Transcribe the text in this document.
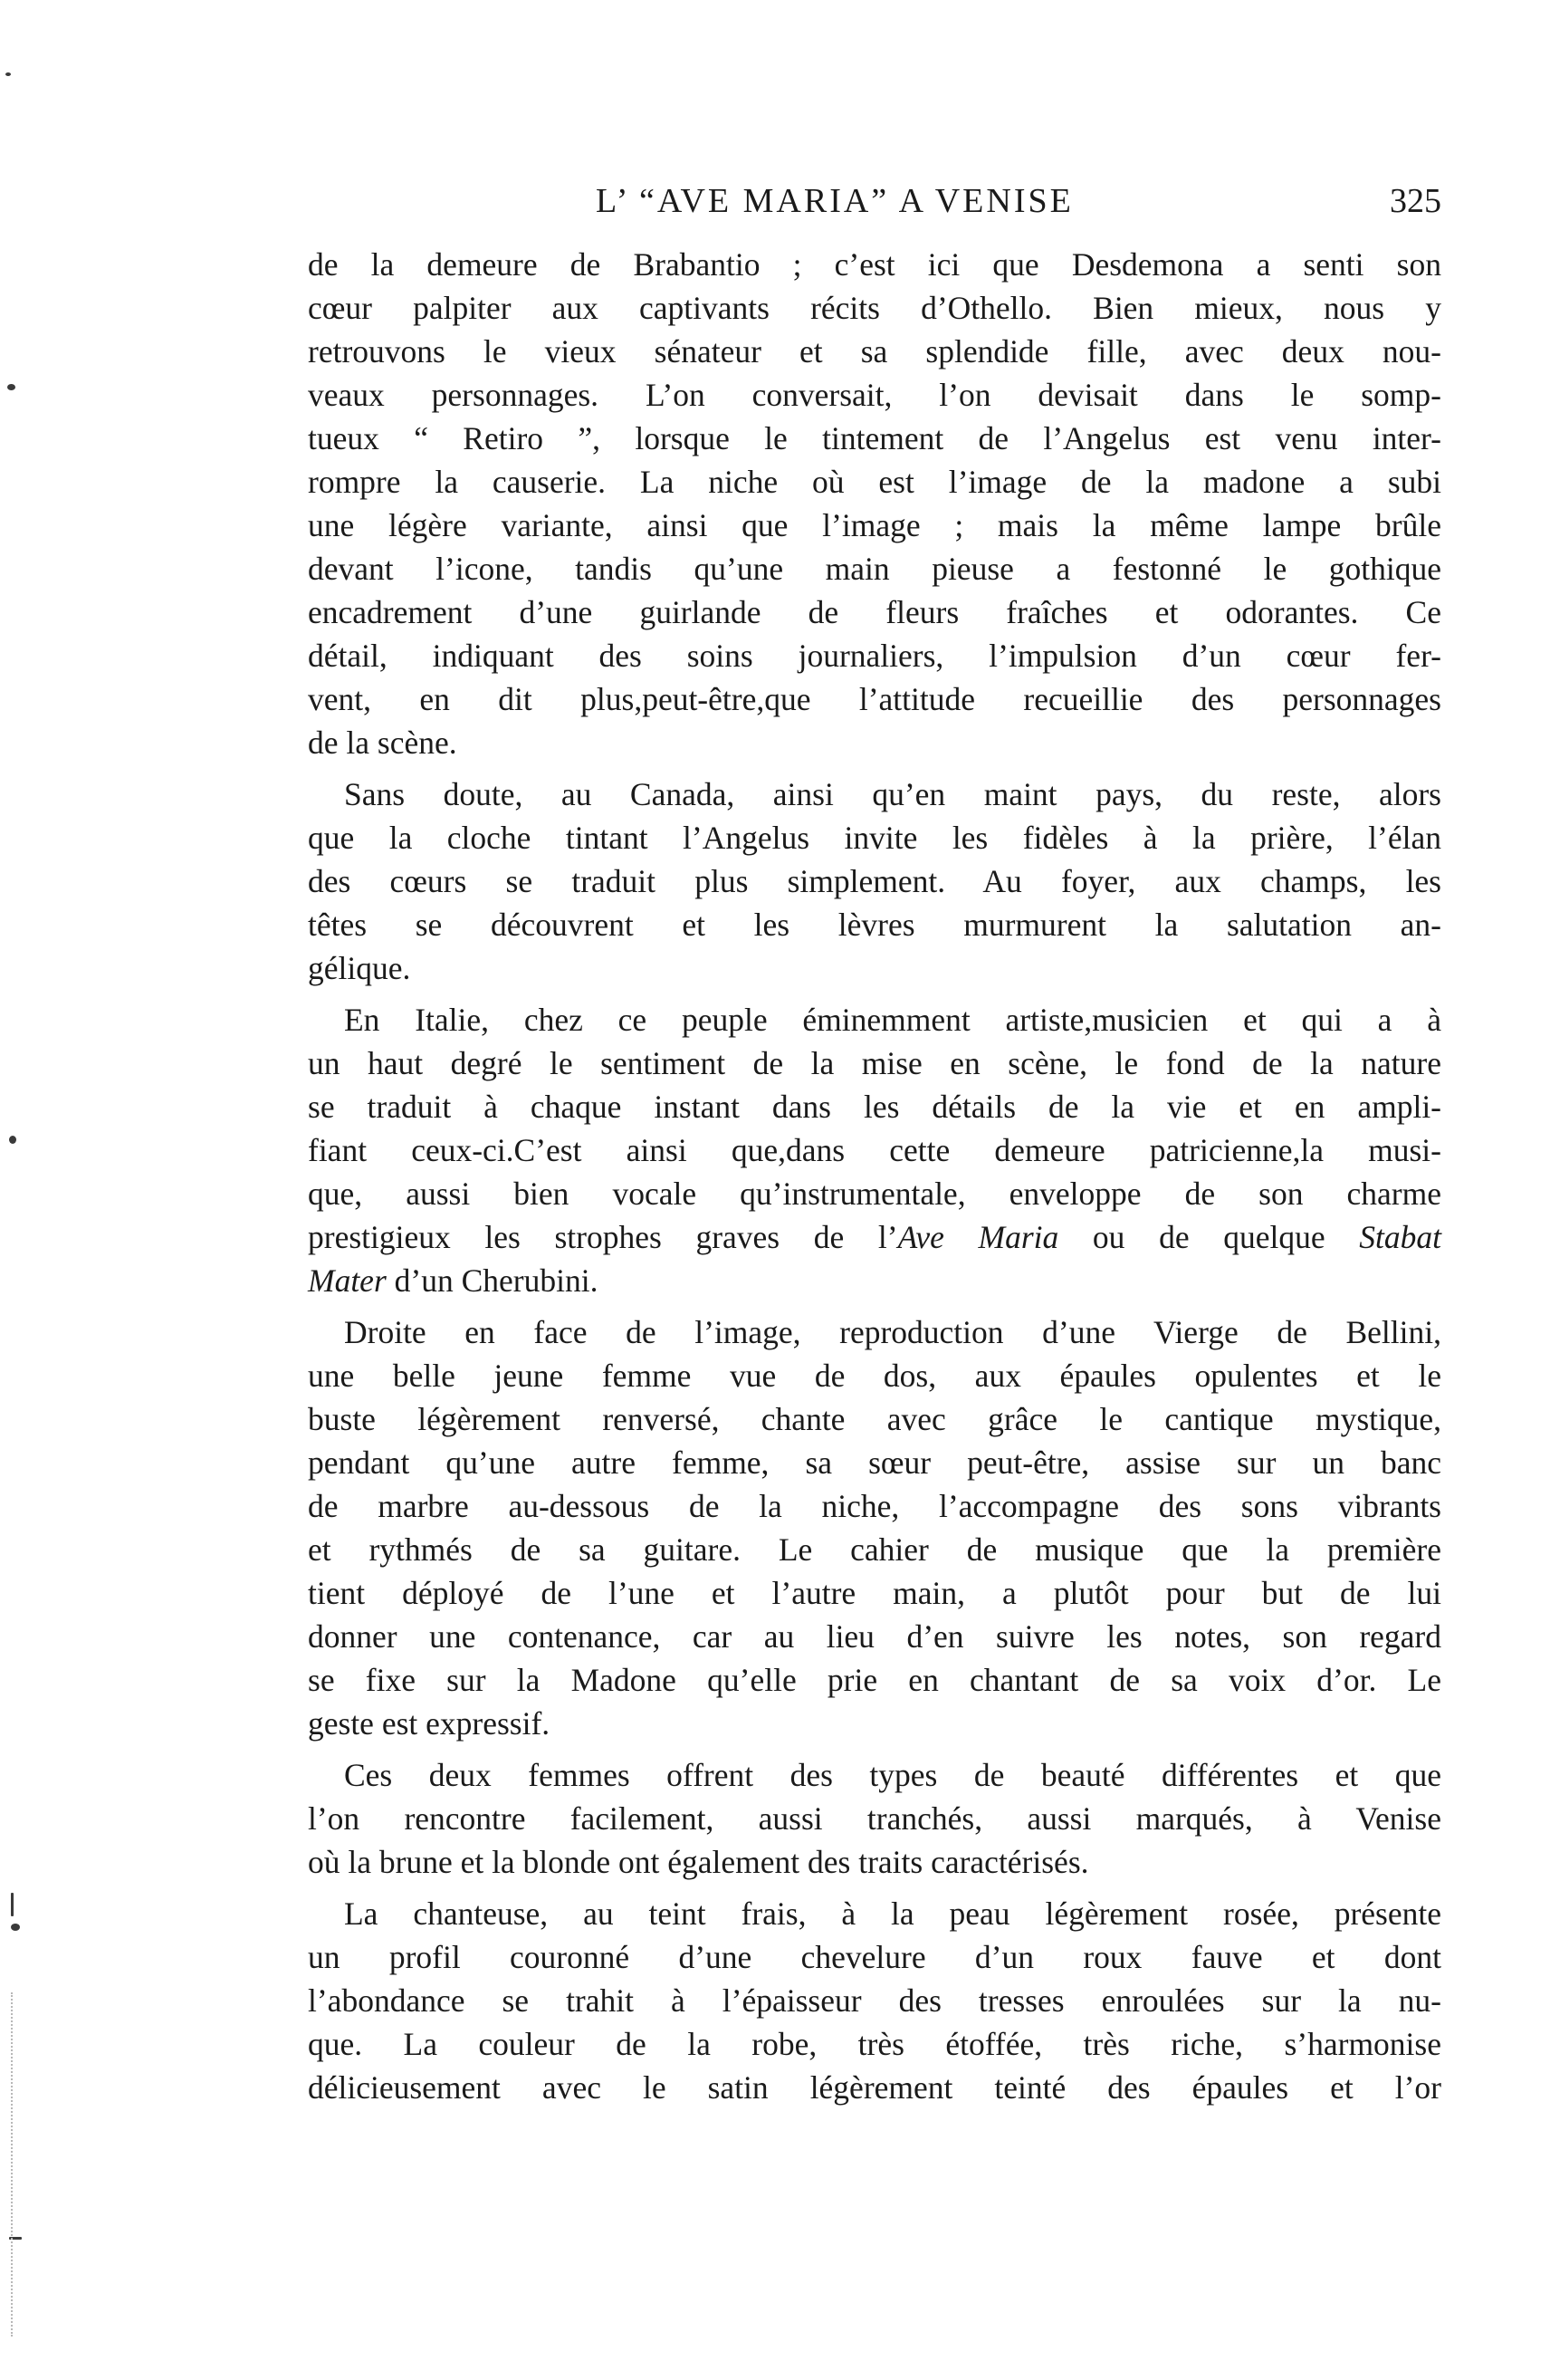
L’ “AVE MARIA” A VENISE	325
de la demeure de Brabantio ; c’est ici que Desdemona a senti son
cœur palpiter aux captivants récits d’Othello. Bien mieux, nous y
retrouvons le vieux sénateur et sa splendide fille, avec deux nou-
veaux personnages. L’on conversait, l’on devisait dans le somp-
tueux “ Retiro ”, lorsque le tintement de l’Angelus est venu inter-
rompre la causerie. La niche où est l’image de la madone a subi
une légère variante, ainsi que l’image ; mais la même lampe brûle
devant l’icone, tandis qu’une main pieuse a festonné le gothique
encadrement d’une guirlande de fleurs fraîches et odorantes. Ce
détail, indiquant des soins journaliers, l’impulsion d’un cœur fer-
vent, en dit plus,peut-être,que l’attitude recueillie des personnages
de la scène.
Sans doute, au Canada, ainsi qu’en maint pays, du reste, alors
que la cloche tintant l’Angelus invite les fidèles à la prière, l’élan
des cœurs se traduit plus simplement. Au foyer, aux champs, les
têtes se découvrent et les lèvres murmurent la salutation an-
gélique.
En Italie, chez ce peuple éminemment artiste,musicien et qui a à
un haut degré le sentiment de la mise en scène, le fond de la nature
se traduit à chaque instant dans les détails de la vie et en ampli-
fiant ceux-ci.C’est ainsi que,dans cette demeure patricienne,la musi-
que, aussi bien vocale qu’instrumentale, enveloppe de son charme
prestigieux les strophes graves de l’Ave Maria ou de quelque Stabat
Mater d’un Cherubini.
Droite en face de l’image, reproduction d’une Vierge de Bellini,
une belle jeune femme vue de dos, aux épaules opulentes et le
buste légèrement renversé, chante avec grâce le cantique mystique,
pendant qu’une autre femme, sa sœur peut-être, assise sur un banc
de marbre au-dessous de la niche, l’accompagne des sons vibrants
et rythmés de sa guitare. Le cahier de musique que la première
tient déployé de l’une et l’autre main, a plutôt pour but de lui
donner une contenance, car au lieu d’en suivre les notes, son regard
se fixe sur la Madone qu’elle prie en chantant de sa voix d’or. Le
geste est expressif.
Ces deux femmes offrent des types de beauté différentes et que
l’on rencontre facilement, aussi tranchés, aussi marqués, à Venise
où la brune et la blonde ont également des traits caractérisés.
La chanteuse, au teint frais, à la peau légèrement rosée, présente
un profil couronné d’une chevelure d’un roux fauve et dont
l’abondance se trahit à l’épaisseur des tresses enroulées sur la nu-
que. La couleur de la robe, très étoffée, très riche, s’harmonise
délicieusement avec le satin légèrement teinté des épaules et l’or
